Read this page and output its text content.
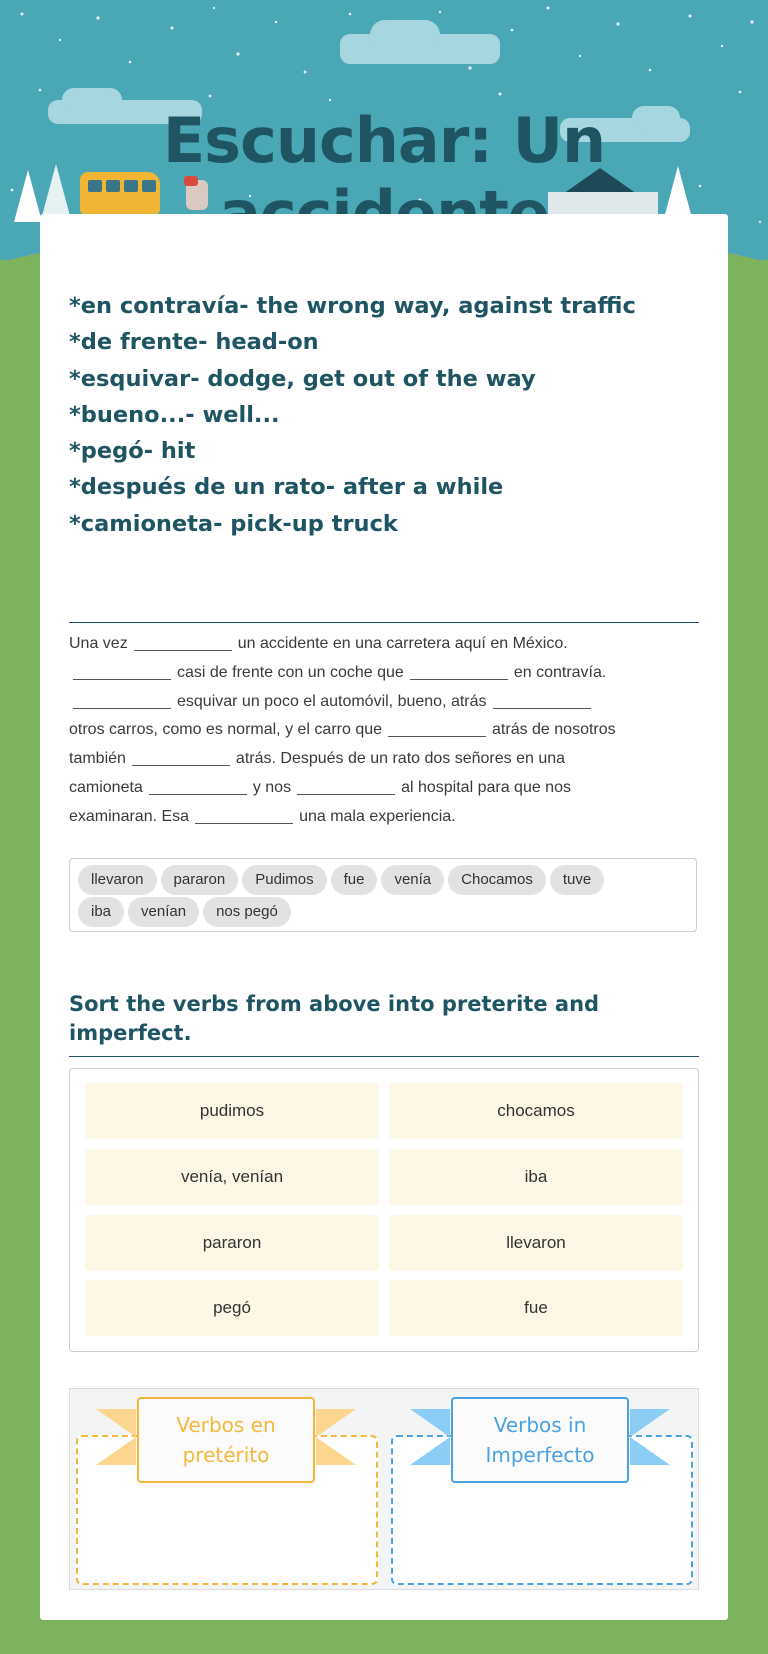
Escuchar: Un
*en contravía- the wrong way, against traffic
*de frente- head-on
*esquivar- dodge, get out of the way
*bueno...- well...
*pegó- hit
*después de un rato- after a while
*camioneta- pick-up truck
Una vez	un accidente en una carretera aquí en México.
casi de frente con un coche que	en contravía.
esquivar un poco el automóvil, bueno, atrás
otros carros, como es normal, y el carro que	atrás de nosotros
también	atrás. Después de un rato dos señores en una
camioneta	y nos	al hospital para que nos
examinaran. Esa	una mala experiencia.
llevaron pararon Pudimos fue venía Chocamos tuve
iba venían nos pegó
Sort the verbs from above into preterite and imperfect.
pudimos	chocamos
venía, venían	iba
pararon	llevaron
pegó	fue
Verbos en pretérito
Verbos in Imperfecto
